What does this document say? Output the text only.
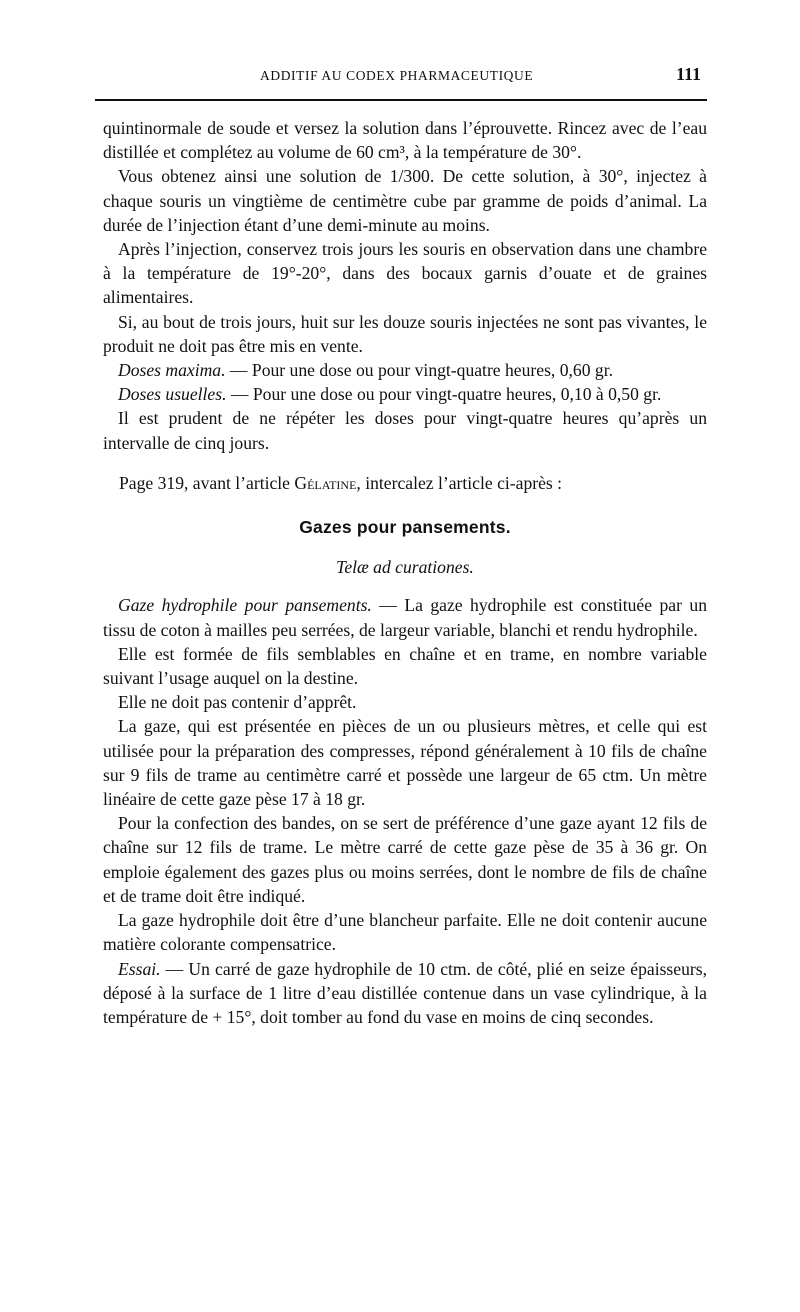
ADDITIF AU CODEX PHARMACEUTIQUE	111

quintinormale de soude et versez la solution dans l’éprouvette. Rincez avec de l’eau distillée et complétez au volume de 60 cm³, à la température de 30°.

Vous obtenez ainsi une solution de 1/300. De cette solution, à 30°, injectez à chaque souris un vingtième de centimètre cube par gramme de poids d’animal. La durée de l’injection étant d’une demi-minute au moins.

Après l’injection, conservez trois jours les souris en observation dans une chambre à la température de 19°-20°, dans des bocaux garnis d’ouate et de graines alimentaires.

Si, au bout de trois jours, huit sur les douze souris injectées ne sont pas vivantes, le produit ne doit pas être mis en vente.

Doses maxima. — Pour une dose ou pour vingt-quatre heures, 0,60 gr.

Doses usuelles. — Pour une dose ou pour vingt-quatre heures, 0,10 à 0,50 gr.

Il est prudent de ne répéter les doses pour vingt-quatre heures qu’après un intervalle de cinq jours.

Page 319, avant l’article Gélatine, intercalez l’article ci-après :

Gazes pour pansements.
Telæ ad curationes.

Gaze hydrophile pour pansements. — La gaze hydrophile est constituée par un tissu de coton à mailles peu serrées, de largeur variable, blanchi et rendu hydrophile.

Elle est formée de fils semblables en chaîne et en trame, en nombre variable suivant l’usage auquel on la destine.

Elle ne doit pas contenir d’apprêt.

La gaze, qui est présentée en pièces de un ou plusieurs mètres, et celle qui est utilisée pour la préparation des compresses, répond généralement à 10 fils de chaîne sur 9 fils de trame au centimètre carré et possède une largeur de 65 ctm. Un mètre linéaire de cette gaze pèse 17 à 18 gr.

Pour la confection des bandes, on se sert de préférence d’une gaze ayant 12 fils de chaîne sur 12 fils de trame. Le mètre carré de cette gaze pèse de 35 à 36 gr. On emploie également des gazes plus ou moins serrées, dont le nombre de fils de chaîne et de trame doit être indiqué.

La gaze hydrophile doit être d’une blancheur parfaite. Elle ne doit contenir aucune matière colorante compensatrice.

Essai. — Un carré de gaze hydrophile de 10 ctm. de côté, plié en seize épaisseurs, déposé à la surface de 1 litre d’eau distillée contenue dans un vase cylindrique, à la température de + 15°, doit tomber au fond du vase en moins de cinq secondes.
